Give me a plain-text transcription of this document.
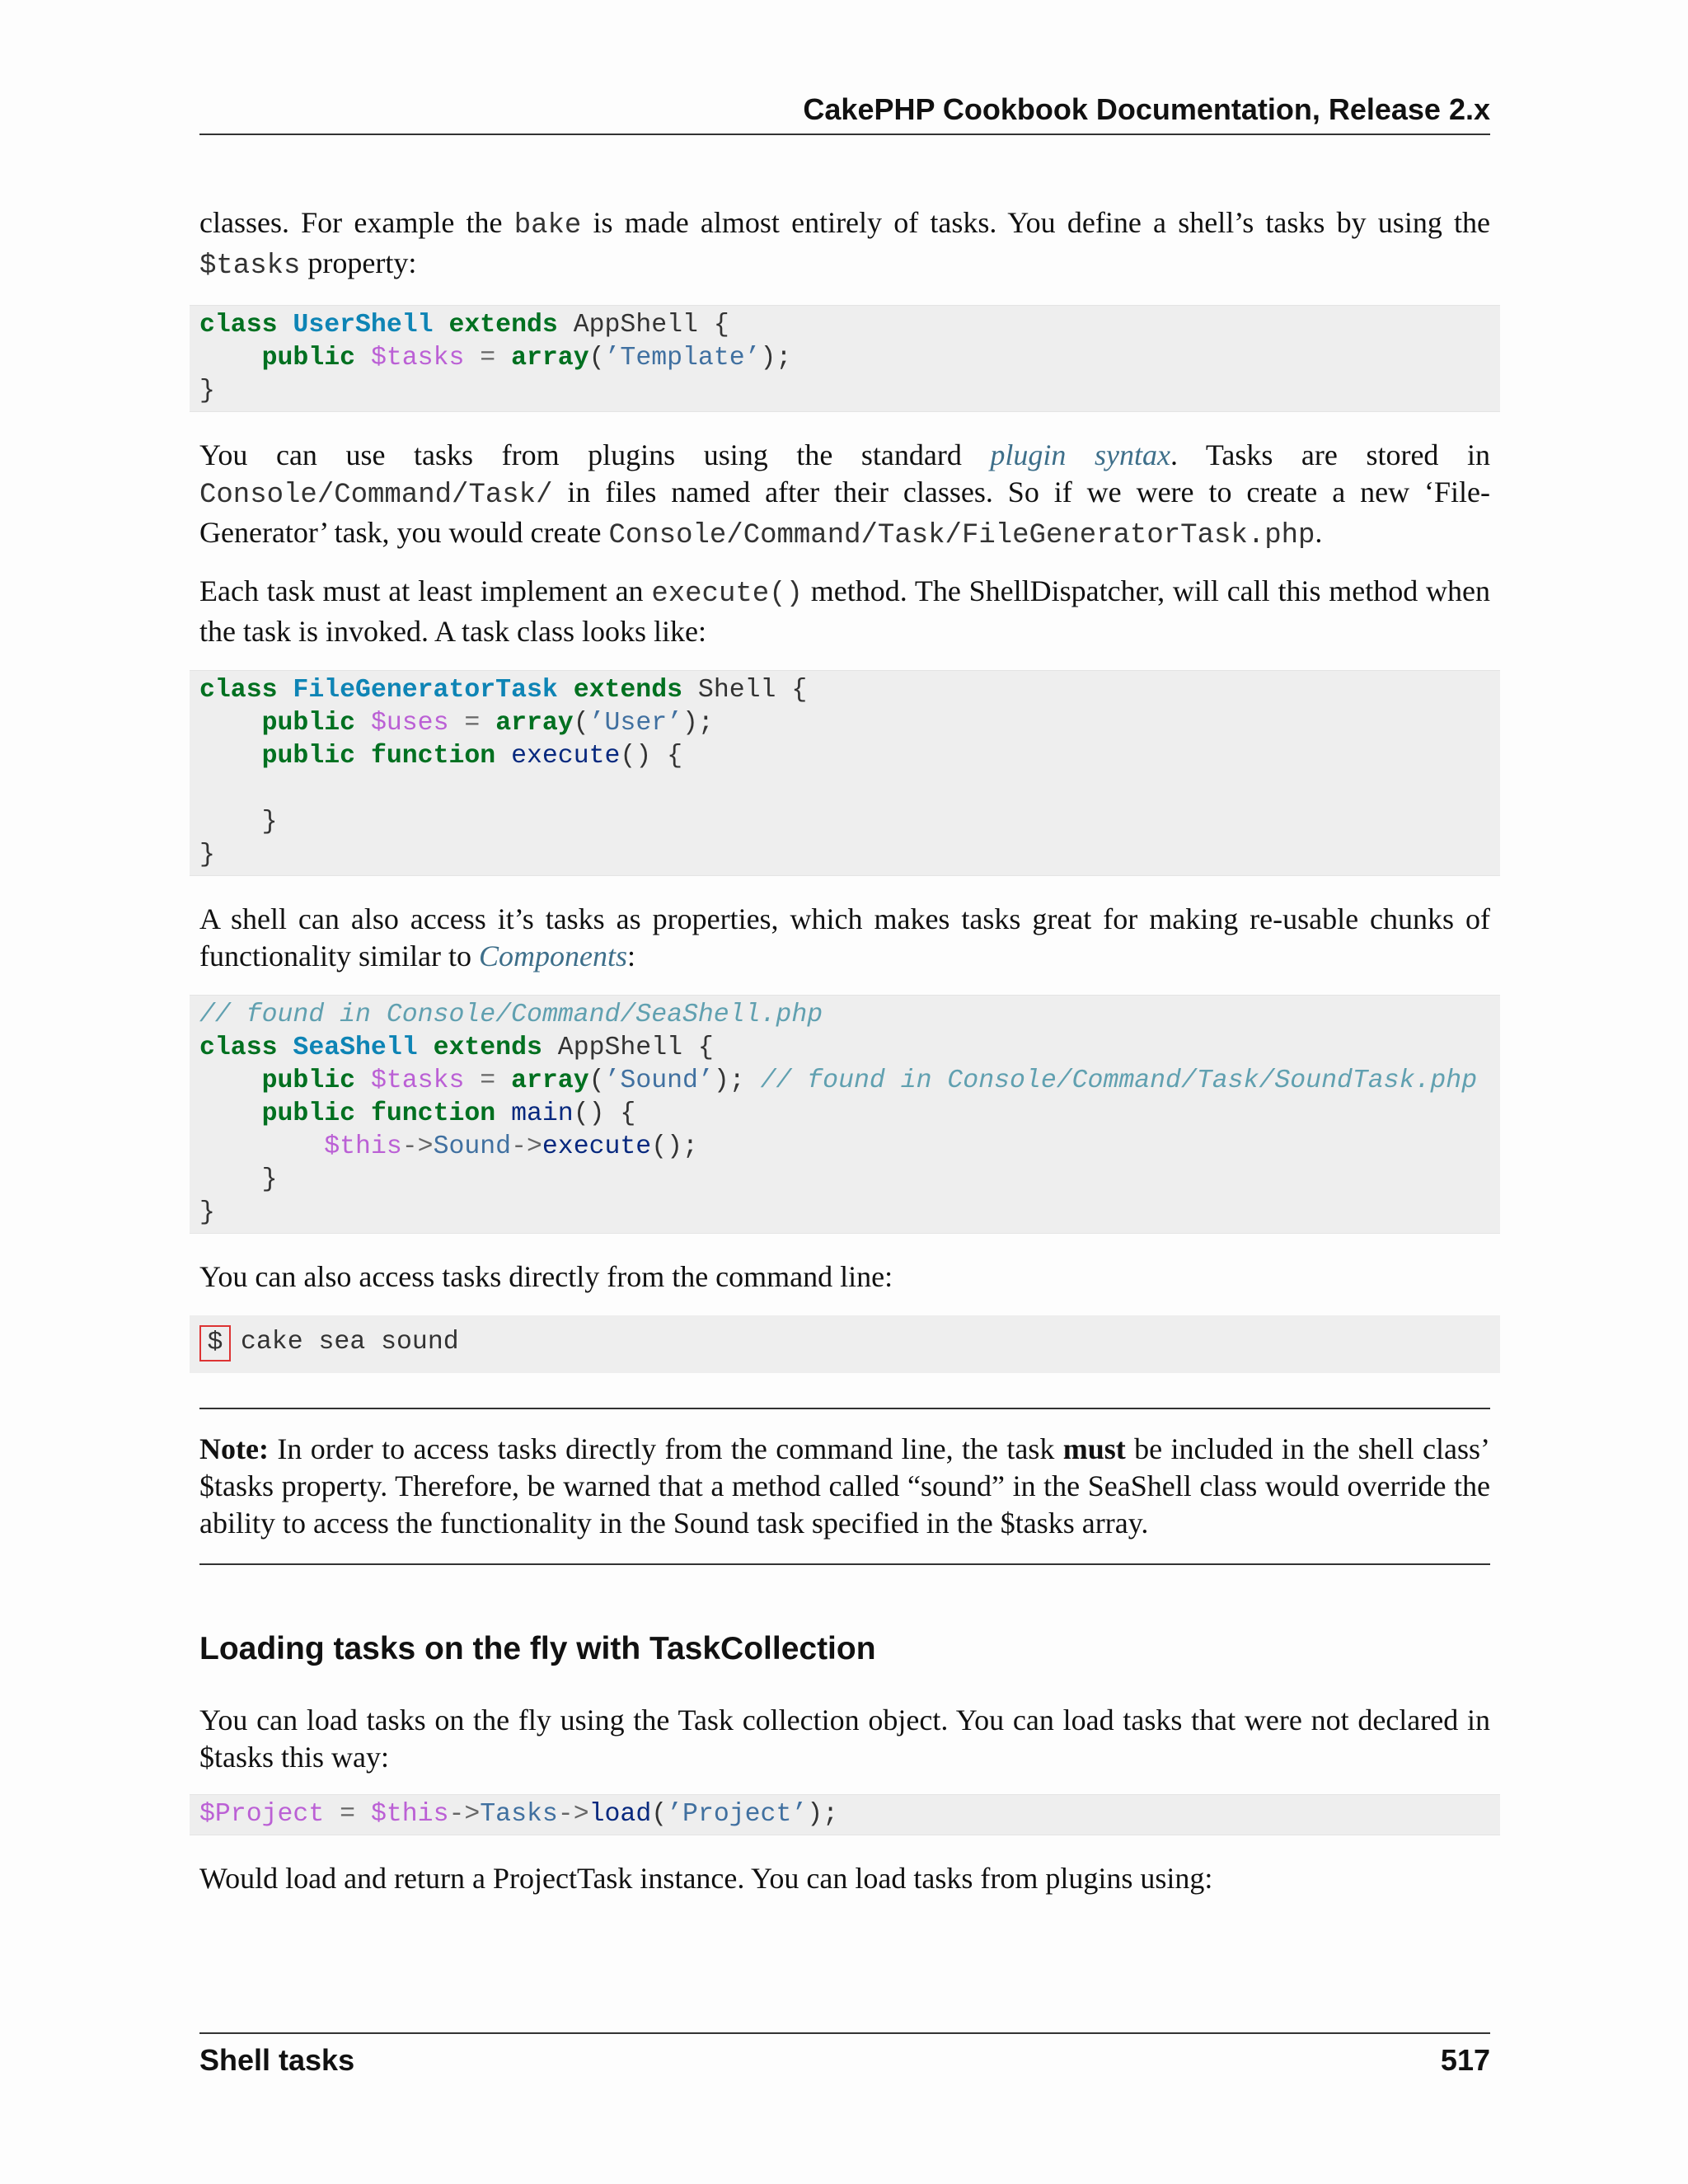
CakePHP Cookbook Documentation, Release 2.x

classes. For example the bake is made almost entirely of tasks. You define a shell’s tasks by using the $tasks property:

class UserShell extends AppShell {
public $tasks = array(’Template’);
}

You can use tasks from plugins using the standard plugin syntax. Tasks are stored in Console/Command/Task/ in files named after their classes. So if we were to create a new ‘File-Generator’ task, you would create Console/Command/Task/FileGeneratorTask.php.

Each task must at least implement an execute() method. The ShellDispatcher, will call this method when the task is invoked. A task class looks like:

class FileGeneratorTask extends Shell {
public $uses = array(’User’);
public function execute() {

}
}

A shell can also access it’s tasks as properties, which makes tasks great for making re-usable chunks of functionality similar to Components:

// found in Console/Command/SeaShell.php
class SeaShell extends AppShell {
public $tasks = array(’Sound’); // found in Console/Command/Task/SoundTask.php
public function main() {
$this->Sound->execute();
}
}

You can also access tasks directly from the command line:

$ cake sea sound

Note: In order to access tasks directly from the command line, the task must be included in the shell class’ $tasks property. Therefore, be warned that a method called “sound” in the SeaShell class would override the ability to access the functionality in the Sound task specified in the $tasks array.

Loading tasks on the fly with TaskCollection

You can load tasks on the fly using the Task collection object. You can load tasks that were not declared in $tasks this way:

$Project = $this->Tasks->load(’Project’);

Would load and return a ProjectTask instance. You can load tasks from plugins using:

Shell tasks	517
